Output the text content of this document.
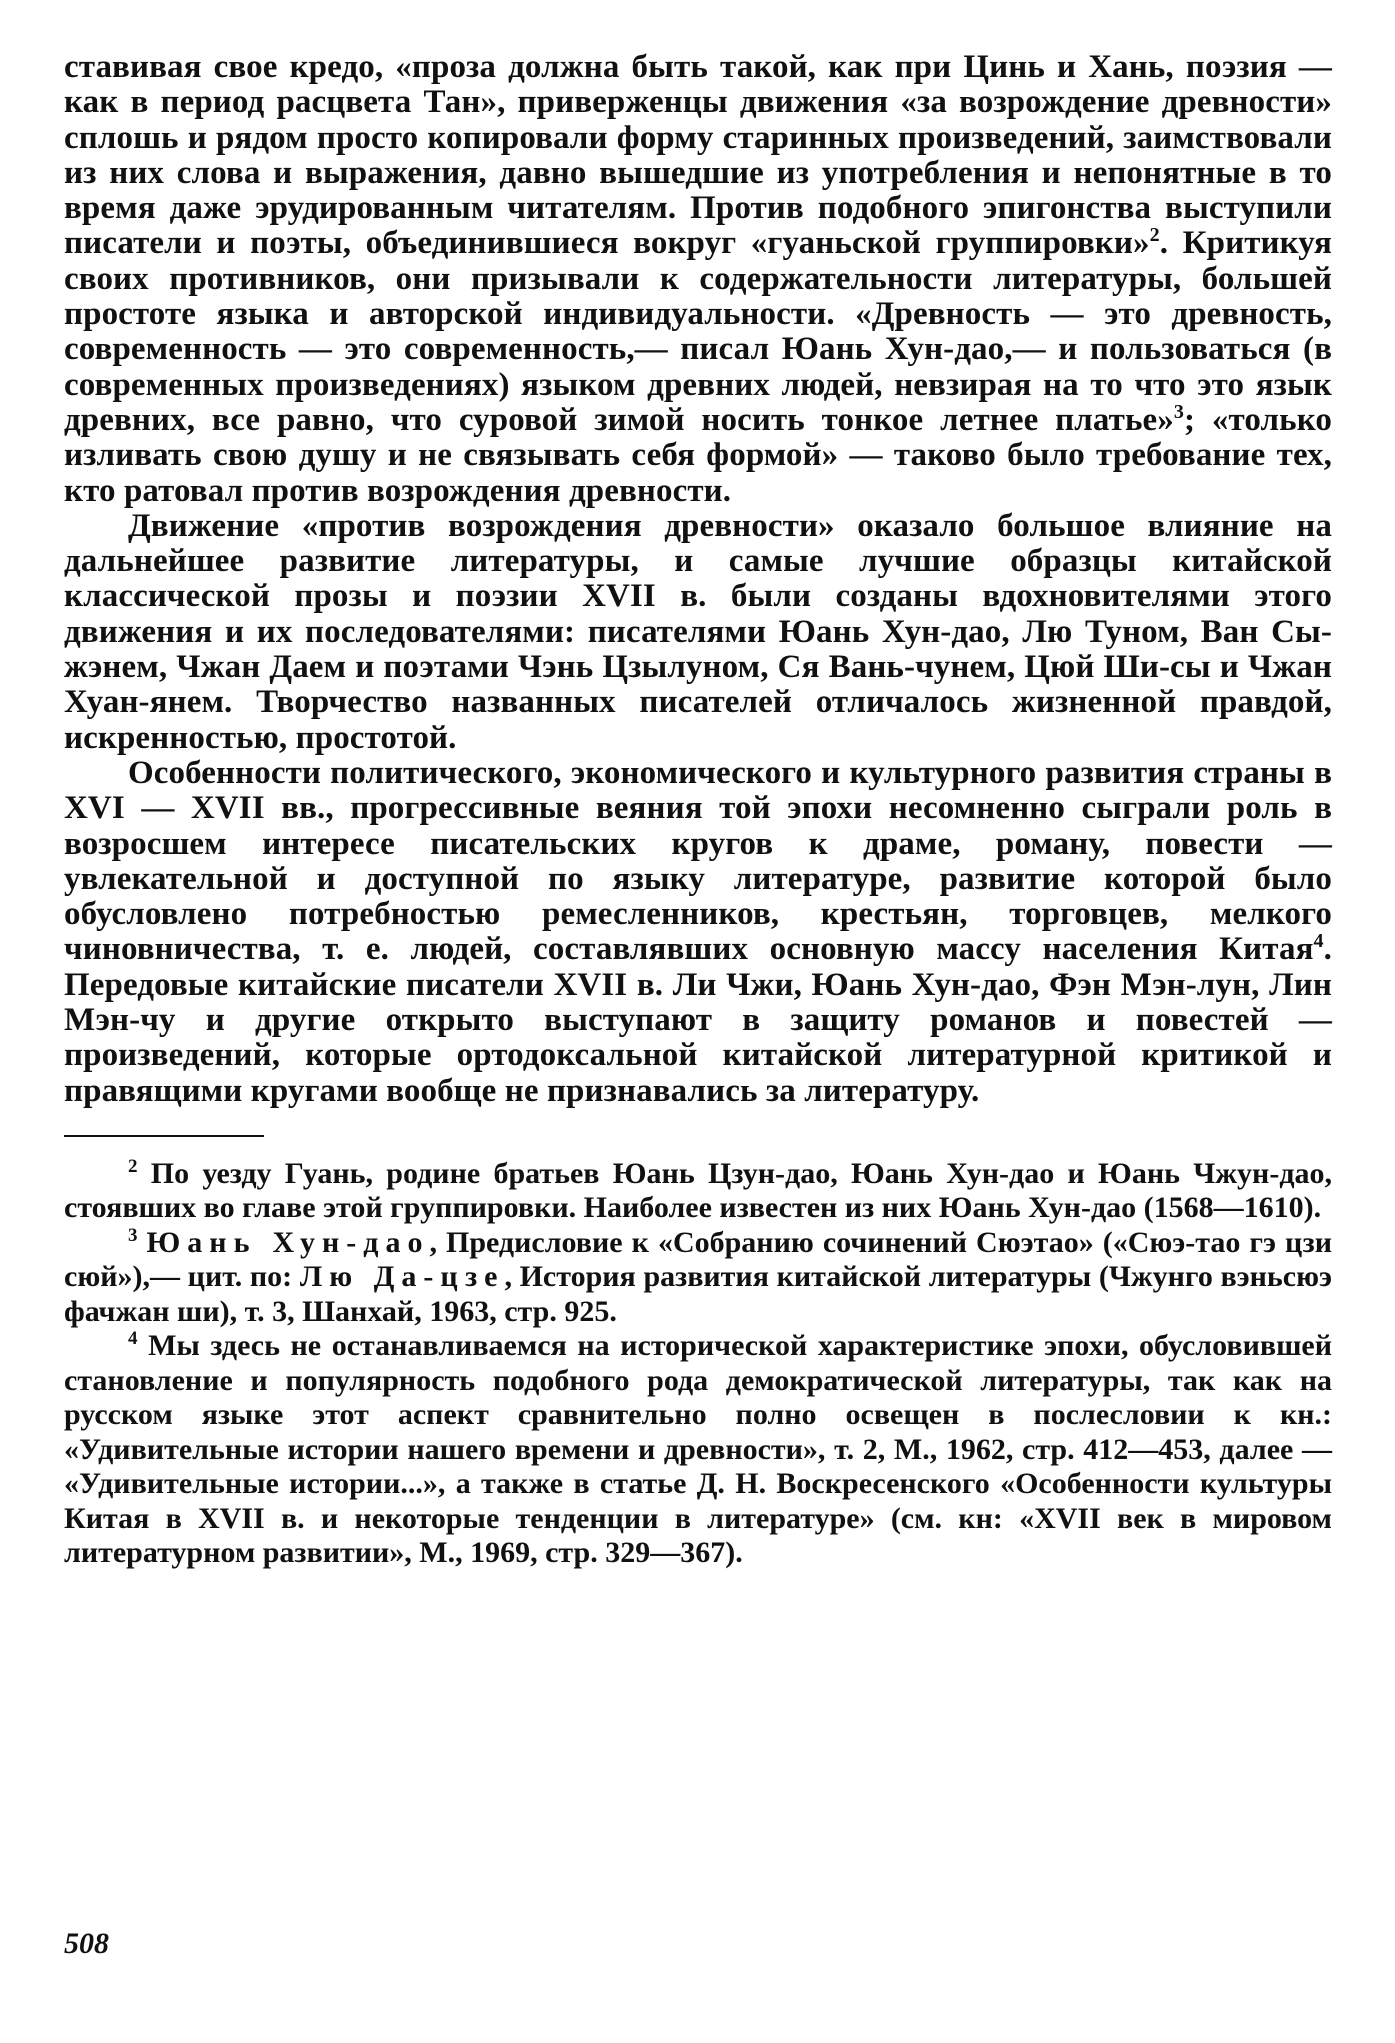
ставивая свое кредо, «проза должна быть такой, как при Цинь и Хань, поэзия — как в период расцвета Тан», приверженцы движения «за возрождение древности» сплошь и рядом просто копировали форму старинных произведений, заимствовали из них слова и выражения, давно вышедшие из употребления и непонятные в то время даже эрудированным читателям. Против подобного эпигонства выступили писатели и поэты, объединившиеся вокруг «гуаньской группировки»$^2$. Критикуя своих противников, они призывали к содержательности литературы, большей простоте языка и авторской индивидуальности. «Древность — это древность, современность — это современность,— писал Юань Хун-дао,— и пользоваться (в современных произведениях) языком древних людей, невзирая на то что это язык древних, все равно, что суровой зимой носить тонкое летнее платье»$^3$; «только изливать свою душу и не связывать себя формой» — таково было требование тех, кто ратовал против возрождения древности.

Движение «против возрождения древности» оказало большое влияние на дальнейшее развитие литературы, и самые лучшие образцы китайской классической прозы и поэзии XVII в. были созданы вдохновителями этого движения и их последователями: писателями Юань Хун-дао, Лю Туном, Ван Сы-жэнем, Чжан Даем и поэтами Чэнь Цзылуном, Ся Вань-чунем, Цюй Ши-сы и Чжан Хуан-янем. Творчество названных писателей отличалось жизненной правдой, искренностью, простотой.

Особенности политического, экономического и культурного развития страны в XVI — XVII вв., прогрессивные веяния той эпохи несомненно сыграли роль в возросшем интересе писательских кругов к драме, роману, повести — увлекательной и доступной по языку литературе, развитие которой было обусловлено потребностью ремесленников, крестьян, торговцев, мелкого чиновничества, т. е. людей, составлявших основную массу населения Китая$^4$. Передовые китайские писатели XVII в. Ли Чжи, Юань Хун-дао, Фэн Мэн-лун, Лин Мэн-чу и другие открыто выступают в защиту романов и повестей — произведений, которые ортодоксальной китайской литературной критикой и правящими кругами вообще не признавались за литературу.

$^2$ По уезду Гуань, родине братьев Юань Цзун-дао, Юань Хун-дао и Юань Чжун-дао, стоявших во главе этой группировки. Наиболее известен из них Юань Хун-дао (1568—1610).

$^3$ Юань Хун-дао, Предисловие к «Собранию сочинений Сюэтао» («Сюэ-тао гэ цзи сюй»),— цит. по: Лю Да-цзе, История развития китайской литературы (Чжунго вэньсюэ фачжан ши), т. 3, Шанхай, 1963, стр. 925.

$^4$ Мы здесь не останавливаемся на исторической характеристике эпохи, обусловившей становление и популярность подобного рода демократической литературы, так как на русском языке этот аспект сравнительно полно освещен в послесловии к кн.: «Удивительные истории нашего времени и древности», т. 2, М., 1962, стр. 412—453, далее — «Удивительные истории...», а также в статье Д. Н. Воскресенского «Особенности культуры Китая в XVII в. и некоторые тенденции в литературе» (см. кн: «XVII век в мировом литературном развитии», М., 1969, стр. 329—367).

508
